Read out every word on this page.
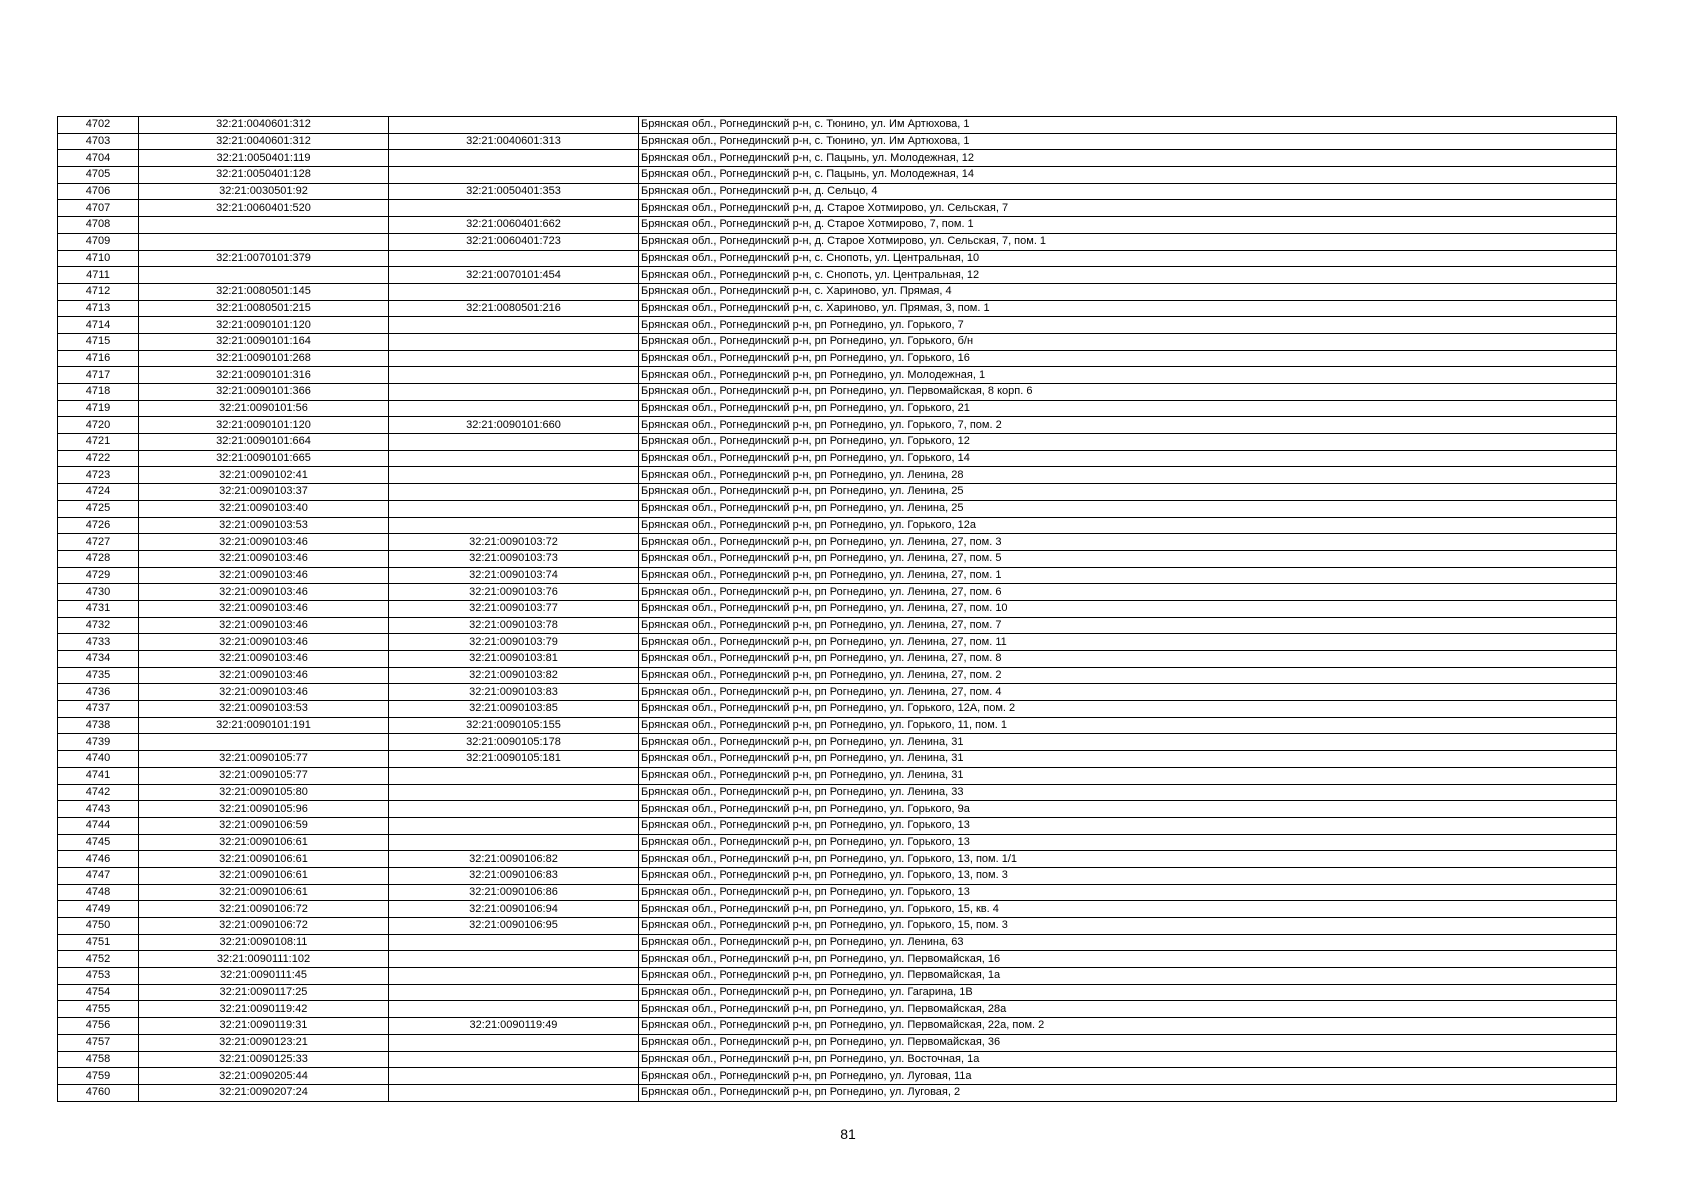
4702	32:21:0040601:312		Брянская обл., Рогнединский р-н, с. Тюнино, ул. Им Артюхова, 1
4703	32:21:0040601:312	32:21:0040601:313	Брянская обл., Рогнединский р-н, с. Тюнино, ул. Им Артюхова, 1
4704	32:21:0050401:119		Брянская обл., Рогнединский р-н, с. Пацынь, ул. Молодежная, 12
4705	32:21:0050401:128		Брянская обл., Рогнединский р-н, с. Пацынь, ул. Молодежная, 14
4706	32:21:0030501:92	32:21:0050401:353	Брянская обл., Рогнединский р-н, д. Сельцо, 4
4707	32:21:0060401:520		Брянская обл., Рогнединский р-н, д. Старое Хотмирово, ул. Сельская, 7
4708		32:21:0060401:662	Брянская обл., Рогнединский р-н, д. Старое Хотмирово, 7, пом. 1
4709		32:21:0060401:723	Брянская обл., Рогнединский р-н, д. Старое Хотмирово, ул. Сельская, 7, пом. 1
4710	32:21:0070101:379		Брянская обл., Рогнединский р-н, с. Снопоть, ул. Центральная, 10
4711		32:21:0070101:454	Брянская обл., Рогнединский р-н, с. Снопоть, ул. Центральная, 12
4712	32:21:0080501:145		Брянская обл., Рогнединский р-н, с. Хариново, ул. Прямая, 4
4713	32:21:0080501:215	32:21:0080501:216	Брянская обл., Рогнединский р-н, с. Хариново, ул. Прямая, 3, пом. 1
4714	32:21:0090101:120		Брянская обл., Рогнединский р-н, рп Рогнедино, ул. Горького, 7
4715	32:21:0090101:164		Брянская обл., Рогнединский р-н, рп Рогнедино, ул. Горького, б/н
4716	32:21:0090101:268		Брянская обл., Рогнединский р-н, рп Рогнедино, ул. Горького, 16
4717	32:21:0090101:316		Брянская обл., Рогнединский р-н, рп Рогнедино, ул. Молодежная, 1
4718	32:21:0090101:366		Брянская обл., Рогнединский р-н, рп Рогнедино, ул. Первомайская, 8 корп. 6
4719	32:21:0090101:56		Брянская обл., Рогнединский р-н, рп Рогнедино, ул. Горького, 21
4720	32:21:0090101:120	32:21:0090101:660	Брянская обл., Рогнединский р-н, рп Рогнедино, ул. Горького, 7, пом. 2
4721	32:21:0090101:664		Брянская обл., Рогнединский р-н, рп Рогнедино, ул. Горького, 12
4722	32:21:0090101:665		Брянская обл., Рогнединский р-н, рп Рогнедино, ул. Горького, 14
4723	32:21:0090102:41		Брянская обл., Рогнединский р-н, рп Рогнедино, ул. Ленина, 28
4724	32:21:0090103:37		Брянская обл., Рогнединский р-н, рп Рогнедино, ул. Ленина, 25
4725	32:21:0090103:40		Брянская обл., Рогнединский р-н, рп Рогнедино, ул. Ленина, 25
4726	32:21:0090103:53		Брянская обл., Рогнединский р-н, рп Рогнедино, ул. Горького, 12а
4727	32:21:0090103:46	32:21:0090103:72	Брянская обл., Рогнединский р-н, рп Рогнедино, ул. Ленина, 27, пом. 3
4728	32:21:0090103:46	32:21:0090103:73	Брянская обл., Рогнединский р-н, рп Рогнедино, ул. Ленина, 27, пом. 5
4729	32:21:0090103:46	32:21:0090103:74	Брянская обл., Рогнединский р-н, рп Рогнедино, ул. Ленина, 27, пом. 1
4730	32:21:0090103:46	32:21:0090103:76	Брянская обл., Рогнединский р-н, рп Рогнедино, ул. Ленина, 27, пом. 6
4731	32:21:0090103:46	32:21:0090103:77	Брянская обл., Рогнединский р-н, рп Рогнедино, ул. Ленина, 27, пом. 10
4732	32:21:0090103:46	32:21:0090103:78	Брянская обл., Рогнединский р-н, рп Рогнедино, ул. Ленина, 27, пом. 7
4733	32:21:0090103:46	32:21:0090103:79	Брянская обл., Рогнединский р-н, рп Рогнедино, ул. Ленина, 27, пом. 11
4734	32:21:0090103:46	32:21:0090103:81	Брянская обл., Рогнединский р-н, рп Рогнедино, ул. Ленина, 27, пом. 8
4735	32:21:0090103:46	32:21:0090103:82	Брянская обл., Рогнединский р-н, рп Рогнедино, ул. Ленина, 27, пом. 2
4736	32:21:0090103:46	32:21:0090103:83	Брянская обл., Рогнединский р-н, рп Рогнедино, ул. Ленина, 27, пом. 4
4737	32:21:0090103:53	32:21:0090103:85	Брянская обл., Рогнединский р-н, рп Рогнедино, ул. Горького, 12А, пом. 2
4738	32:21:0090101:191	32:21:0090105:155	Брянская обл., Рогнединский р-н, рп Рогнедино, ул. Горького, 11, пом. 1
4739		32:21:0090105:178	Брянская обл., Рогнединский р-н, рп Рогнедино, ул. Ленина, 31
4740	32:21:0090105:77	32:21:0090105:181	Брянская обл., Рогнединский р-н, рп Рогнедино, ул. Ленина, 31
4741	32:21:0090105:77		Брянская обл., Рогнединский р-н, рп Рогнедино, ул. Ленина, 31
4742	32:21:0090105:80		Брянская обл., Рогнединский р-н, рп Рогнедино, ул. Ленина, 33
4743	32:21:0090105:96		Брянская обл., Рогнединский р-н, рп Рогнедино, ул. Горького, 9а
4744	32:21:0090106:59		Брянская обл., Рогнединский р-н, рп Рогнедино, ул. Горького, 13
4745	32:21:0090106:61		Брянская обл., Рогнединский р-н, рп Рогнедино, ул. Горького, 13
4746	32:21:0090106:61	32:21:0090106:82	Брянская обл., Рогнединский р-н, рп Рогнедино, ул. Горького, 13, пом. 1/1
4747	32:21:0090106:61	32:21:0090106:83	Брянская обл., Рогнединский р-н, рп Рогнедино, ул. Горького, 13, пом. 3
4748	32:21:0090106:61	32:21:0090106:86	Брянская обл., Рогнединский р-н, рп Рогнедино, ул. Горького, 13
4749	32:21:0090106:72	32:21:0090106:94	Брянская обл., Рогнединский р-н, рп Рогнедино, ул. Горького, 15, кв. 4
4750	32:21:0090106:72	32:21:0090106:95	Брянская обл., Рогнединский р-н, рп Рогнедино, ул. Горького, 15, пом. 3
4751	32:21:0090108:11		Брянская обл., Рогнединский р-н, рп Рогнедино, ул. Ленина, 63
4752	32:21:0090111:102		Брянская обл., Рогнединский р-н, рп Рогнедино, ул. Первомайская, 16
4753	32:21:0090111:45		Брянская обл., Рогнединский р-н, рп Рогнедино, ул. Первомайская, 1а
4754	32:21:0090117:25		Брянская обл., Рогнединский р-н, рп Рогнедино, ул. Гагарина, 1В
4755	32:21:0090119:42		Брянская обл., Рогнединский р-н, рп Рогнедино, ул. Первомайская, 28а
4756	32:21:0090119:31	32:21:0090119:49	Брянская обл., Рогнединский р-н, рп Рогнедино, ул. Первомайская, 22а, пом. 2
4757	32:21:0090123:21		Брянская обл., Рогнединский р-н, рп Рогнедино, ул. Первомайская, 36
4758	32:21:0090125:33		Брянская обл., Рогнединский р-н, рп Рогнедино, ул. Восточная, 1а
4759	32:21:0090205:44		Брянская обл., Рогнединский р-н, рп Рогнедино, ул. Луговая, 11а
4760	32:21:0090207:24		Брянская обл., Рогнединский р-н, рп Рогнедино, ул. Луговая, 2
81
